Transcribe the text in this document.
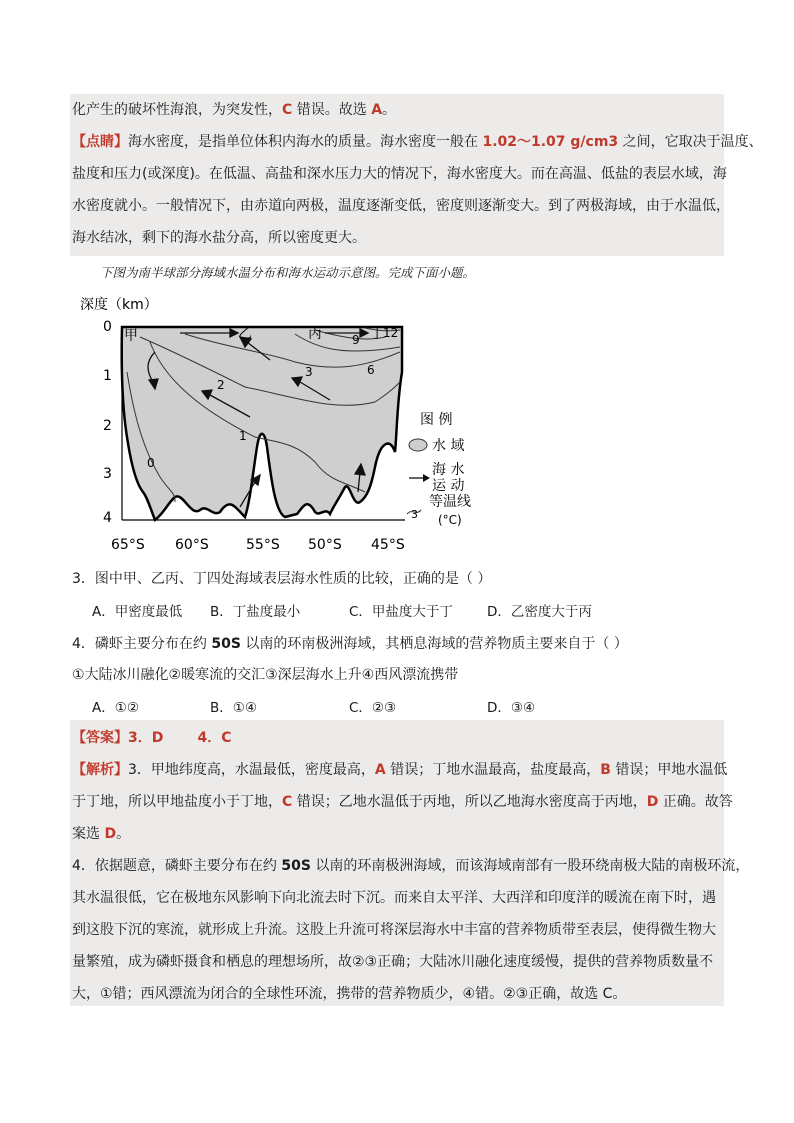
化产生的破坏性海浪，为突发性，C 错误。故选 A。
【点睛】海水密度，是指单位体积内海水的质量。海水密度一般在 1.02～1.07 g/cm3 之间，它取决于温度、
盐度和压力(或深度)。在低温、高盐和深水压力大的情况下，海水密度大。而在高温、低盐的表层水域，海
水密度就小。一般情况下，由赤道向两极，温度逐渐变低，密度则逐渐变大。到了两极海域，由于水温低，
海水结冰，剩下的海水盐分高，所以密度更大。
下图为南半球部分海域水温分布和海水运动示意图。完成下面小题。
深度（km）
0
1
2
3
4
65°S 60°S	55°S 50°S 45°S
甲	乙	丙	丁
0
1
2
3	6
9 12
图 例
水 域
海 水
运 动
3
等温线
(°C)
3．图中甲、乙丙、丁四处海域表层海水性质的比较，正确的是（ ）
A．甲密度最低 B．丁盐度最小	C．甲盐度大于丁	D．乙密度大于丙
4．磷虾主要分布在约 50S 以南的环南极洲海域，其栖息海域的营养物质主要来自于（ ）
①大陆冰川融化②暖寒流的交汇③深层海水上升④西风漂流携带
A．①②	B．①④	C．②③	D．③④
【答案】3．D       4．C
【解析】3．甲地纬度高，水温最低，密度最高，A 错误；丁地水温最高，盐度最高，B 错误；甲地水温低
于丁地，所以甲地盐度小于丁地，C 错误；乙地水温低于丙地，所以乙地海水密度高于丙地，D 正确。故答
案选 D。
4．依据题意，磷虾主要分布在约 50S 以南的环南极洲海域，而该海域南部有一股环绕南极大陆的南极环流，
其水温很低，它在极地东风影响下向北流去时下沉。而来自太平洋、大西洋和印度洋的暖流在南下时，遇
到这股下沉的寒流，就形成上升流。这股上升流可将深层海水中丰富的营养物质带至表层，使得微生物大
量繁殖，成为磷虾摄食和栖息的理想场所，故②③正确；大陆冰川融化速度缓慢，提供的营养物质数量不
大，①错；西风漂流为闭合的全球性环流，携带的营养物质少，④错。②③正确，故选 C。
